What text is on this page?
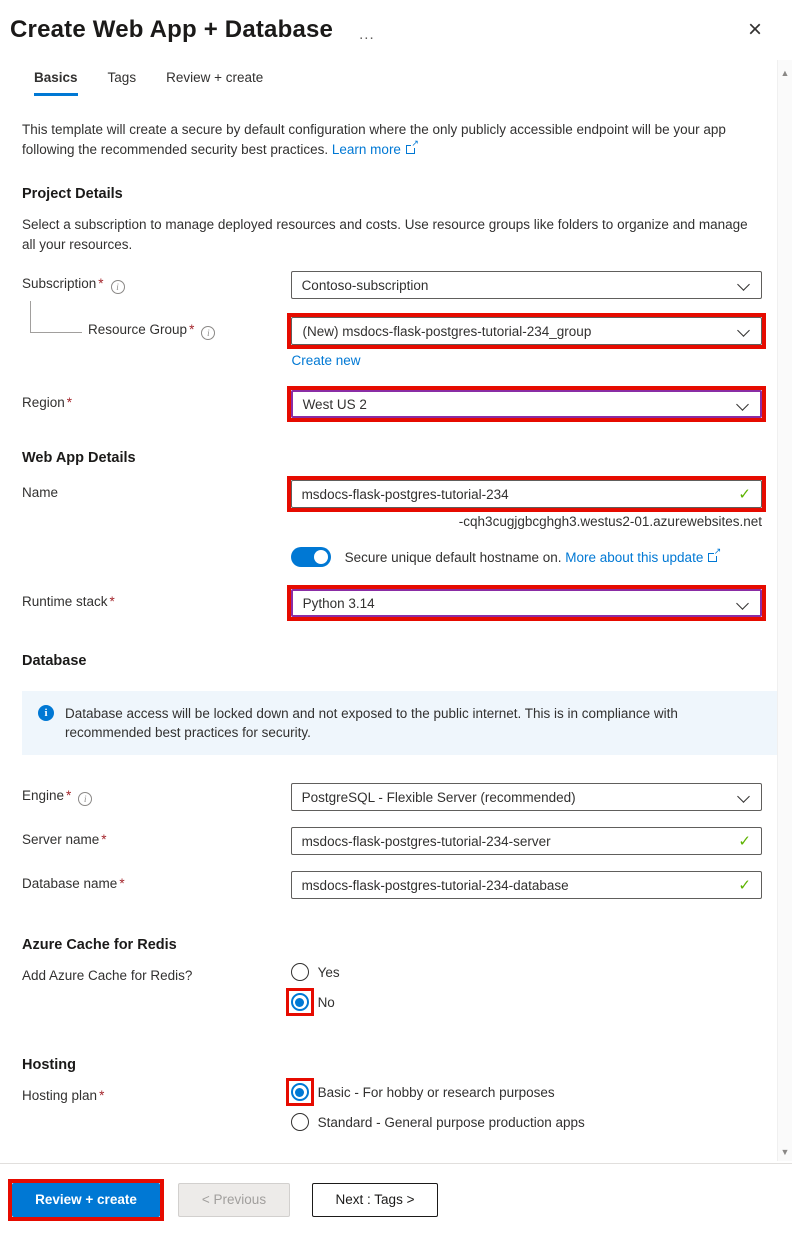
Create Web App + Database ...	×
▲
▼
Basics Tags Review + create
This template will create a secure by default configuration where the only publicly accessible endpoint will be your app following the recommended security best practices. Learn more↗
Project Details
Select a subscription to manage deployed resources and costs. Use resource groups like folders to organize and manage all your resources.
Subscription * i	Contoso-subscription
Resource Group * i	(New) msdocs-flask-postgres-tutorial-234_group
Create new
Region *	West US 2
Web App Details
Name	msdocs-flask-postgres-tutorial-234	✓
-cqh3cugjgbcghgh3.westus2-01.azurewebsites.net
Secure unique default hostname on. More about this update↗
Runtime stack *	Python 3.14
Database
i	Database access will be locked down and not exposed to the public internet. This is in compliance with recommended best practices for security.
Engine * i	PostgreSQL - Flexible Server (recommended)
Server name *	msdocs-flask-postgres-tutorial-234-server	✓
Database name *	msdocs-flask-postgres-tutorial-234-database	✓
Azure Cache for Redis
Add Azure Cache for Redis?	Yes
No
Hosting
Hosting plan *	Basic - For hobby or research purposes
Standard - General purpose production apps
Review + create	< Previous	Next : Tags >
